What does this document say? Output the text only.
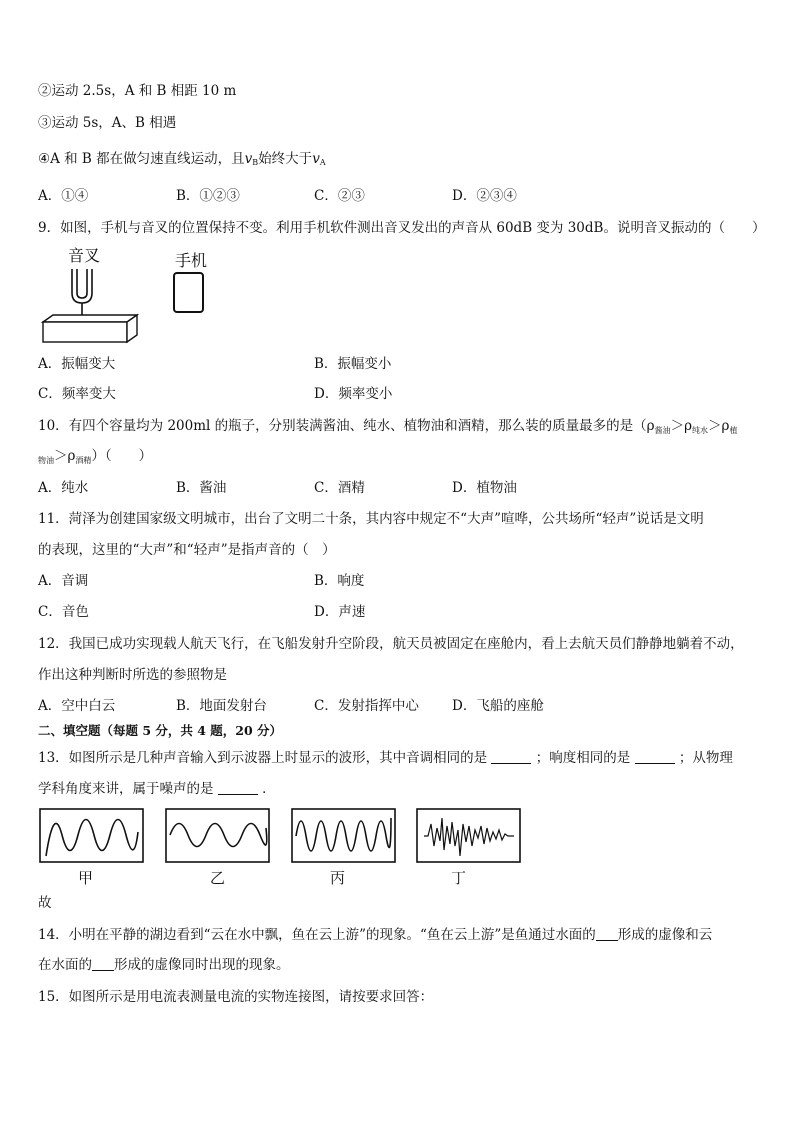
②运动 2.5s，A 和 B 相距 10 m
③运动 5s，A、B 相遇
④A 和 B 都在做匀速直线运动，且$v_B$始终大于$v_A$
A．①④	B．①②③	C．②③	D．②③④
9．如图，手机与音叉的位置保持不变。利用手机软件测出音叉发出的声音从 60dB 变为 30dB。说明音叉振动的（　　）
音叉	手机
A．振幅变大	B．振幅变小
C．频率变大	D．频率变小
10．有四个容量均为 200ml 的瓶子，分别装满酱油、纯水、植物油和酒精，那么装的质量最多的是（$\rho_{酱油}>\rho_{纯水}>\rho_植$
$_{物油}>\rho_{酒精}$）（　　）
A．纯水	B．酱油	C．酒精	D．植物油
11．菏泽为创建国家级文明城市，出台了文明二十条，其内容中规定不“大声”喧哗，公共场所“轻声”说话是文明
的表现，这里的“大声”和“轻声”是指声音的（　）
A．音调	B．响度
C．音色	D．声速
12．我国已成功实现载人航天飞行，在飞船发射升空阶段，航天员被固定在座舱内，看上去航天员们静静地躺着不动，
作出这种判断时所选的参照物是
A．空中白云	B．地面发射台	C．发射指挥中心 D．飞船的座舱
二、填空题（每题 5 分，共 4 题，20 分）
13．如图所示是几种声音输入到示波器上时显示的波形，其中音调相同的是	；响度相同的是	；从物理
学科角度来讲，属于噪声的是	．
甲	乙	丙	丁
故
14．小明在平静的湖边看到“云在水中飘，鱼在云上游”的现象。“鱼在云上游”是鱼通过水面的 形成的虚像和云
在水面的 形成的虚像同时出现的现象。
15．如图所示是用电流表测量电流的实物连接图，请按要求回答：
